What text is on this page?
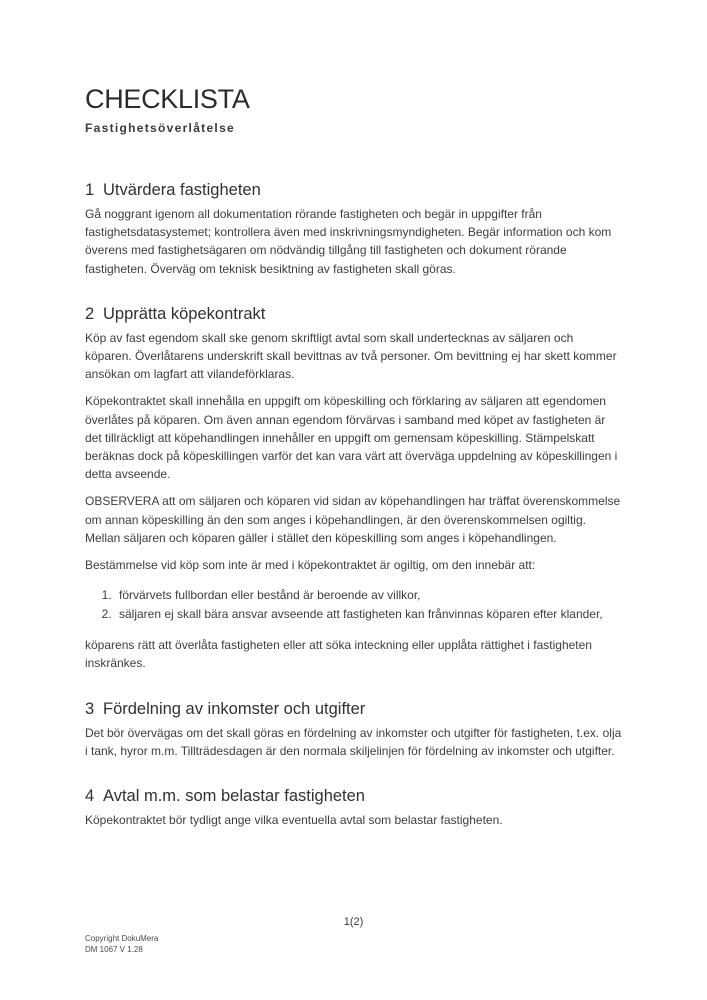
CHECKLISTA

Fastighetsöverlåtelse

1 Utvärdera fastigheten

Gå noggrant igenom all dokumentation rörande fastigheten och begär in uppgifter från fastighetsdatasystemet; kontrollera även med inskrivningsmyndigheten. Begär information och kom överens med fastighetsägaren om nödvändig tillgång till fastigheten och dokument rörande fastigheten. Överväg om teknisk besiktning av fastigheten skall göras.

2 Upprätta köpekontrakt

Köp av fast egendom skall ske genom skriftligt avtal som skall undertecknas av säljaren och köparen. Överlåtarens underskrift skall bevittnas av två personer. Om bevittning ej har skett kommer ansökan om lagfart att vilandeförklaras.

Köpekontraktet skall innehålla en uppgift om köpeskilling och förklaring av säljaren att egendomen överlåtes på köparen. Om även annan egendom förvärvas i samband med köpet av fastigheten är det tillräckligt att köpehandlingen innehåller en uppgift om gemensam köpeskilling. Stämpelskatt beräknas dock på köpeskillingen varför det kan vara värt att överväga uppdelning av köpeskillingen i detta avseende.

OBSERVERA att om säljaren och köparen vid sidan av köpehandlingen har träffat överenskommelse om annan köpeskilling än den som anges i köpehandlingen, är den överenskommelsen ogiltig. Mellan säljaren och köparen gäller i stället den köpeskilling som anges i köpehandlingen.

Bestämmelse vid köp som inte är med i köpekontraktet är ogiltig, om den innebär att:

1. förvärvets fullbordan eller bestånd är beroende av villkor,
2. säljaren ej skall bära ansvar avseende att fastigheten kan frånvinnas köparen efter klander,

köparens rätt att överlåta fastigheten eller att söka inteckning eller upplåta rättighet i fastigheten inskränkes.

3 Fördelning av inkomster och utgifter

Det bör övervägas om det skall göras en fördelning av inkomster och utgifter för fastigheten, t.ex. olja i tank, hyror m.m. Tillträdesdagen är den normala skiljelinjen för fördelning av inkomster och utgifter.

4 Avtal m.m. som belastar fastigheten

Köpekontraktet bör tydligt ange vilka eventuella avtal som belastar fastigheten.

1(2)
Copyright DokuMera
DM 1067 V 1.28
